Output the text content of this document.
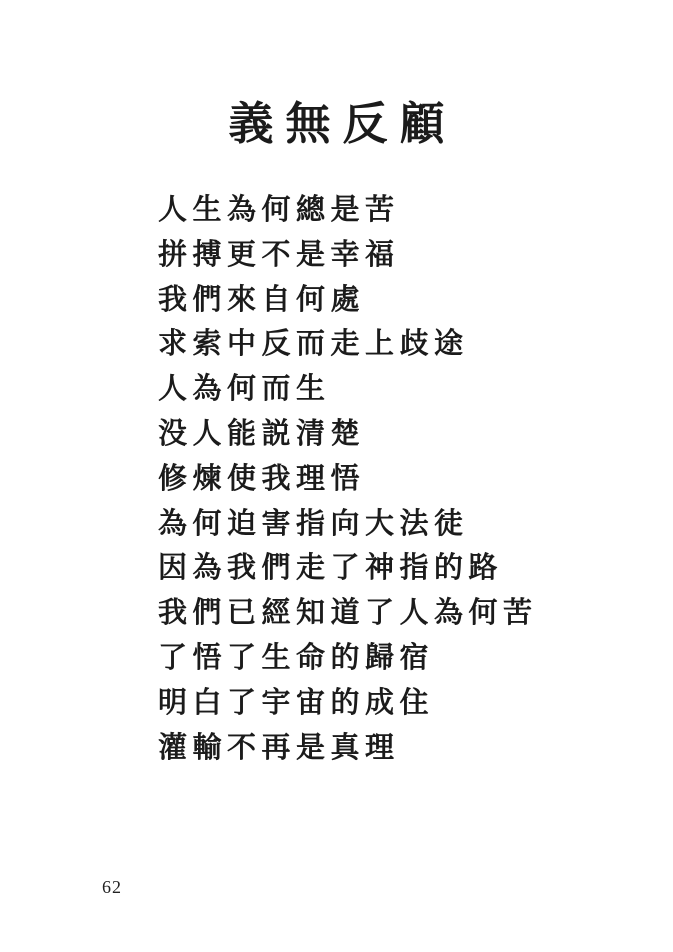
義無反顧

人生為何總是苦

拼搏更不是幸福

我們來自何處

求索中反而走上歧途

人為何而生

没人能説清楚

修煉使我理悟

為何迫害指向大法徒

因為我們走了神指的路

我們已經知道了人為何苦

了悟了生命的歸宿

明白了宇宙的成住

灌輸不再是真理

62
